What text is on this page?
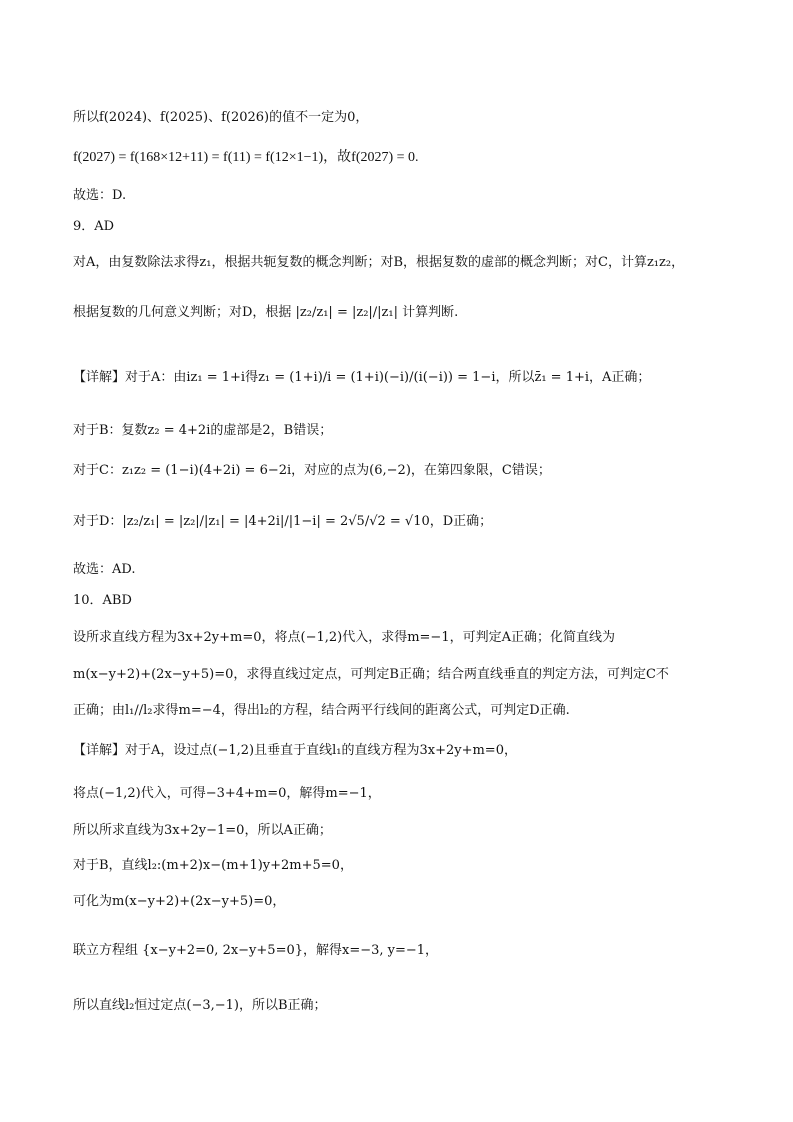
所以f(2024)、f(2025)、f(2026)的值不一定为0，
f(2027) = f(168×12+11) = f(11) = f(12×1−1)，故f(2027) = 0.
故选：D.
9．AD
对A，由复数除法求得z₁，根据共轭复数的概念判断；对B，根据复数的虚部的概念判断；对C，计算z₁z₂，
根据复数的几何意义判断；对D，根据 |z₂/z₁| = |z₂|/|z₁| 计算判断.
【详解】对于A：由iz₁ = 1+i得z₁ = (1+i)/i = (1+i)(−i)/(i(−i)) = 1−i，所以z̄₁ = 1+i，A正确；
对于B：复数z₂ = 4+2i的虚部是2，B错误；
对于C：z₁z₂ = (1−i)(4+2i) = 6−2i，对应的点为(6,−2)，在第四象限，C错误；
对于D：|z₂/z₁| = |z₂|/|z₁| = |4+2i|/|1−i| = 2√5/√2 = √10，D正确；
故选：AD.
10．ABD
设所求直线方程为3x+2y+m=0，将点(−1,2)代入，求得m=−1，可判定A正确；化简直线为
m(x−y+2)+(2x−y+5)=0，求得直线过定点，可判定B正确；结合两直线垂直的判定方法，可判定C不
正确；由l₁//l₂求得m=−4，得出l₂的方程，结合两平行线间的距离公式，可判定D正确.
【详解】对于A，设过点(−1,2)且垂直于直线l₁的直线方程为3x+2y+m=0，
将点(−1,2)代入，可得−3+4+m=0，解得m=−1，
所以所求直线为3x+2y−1=0，所以A正确；
对于B，直线l₂:(m+2)x−(m+1)y+2m+5=0，
可化为m(x−y+2)+(2x−y+5)=0，
联立方程组 {x−y+2=0, 2x−y+5=0}，解得x=−3, y=−1，
所以直线l₂恒过定点(−3,−1)，所以B正确；
